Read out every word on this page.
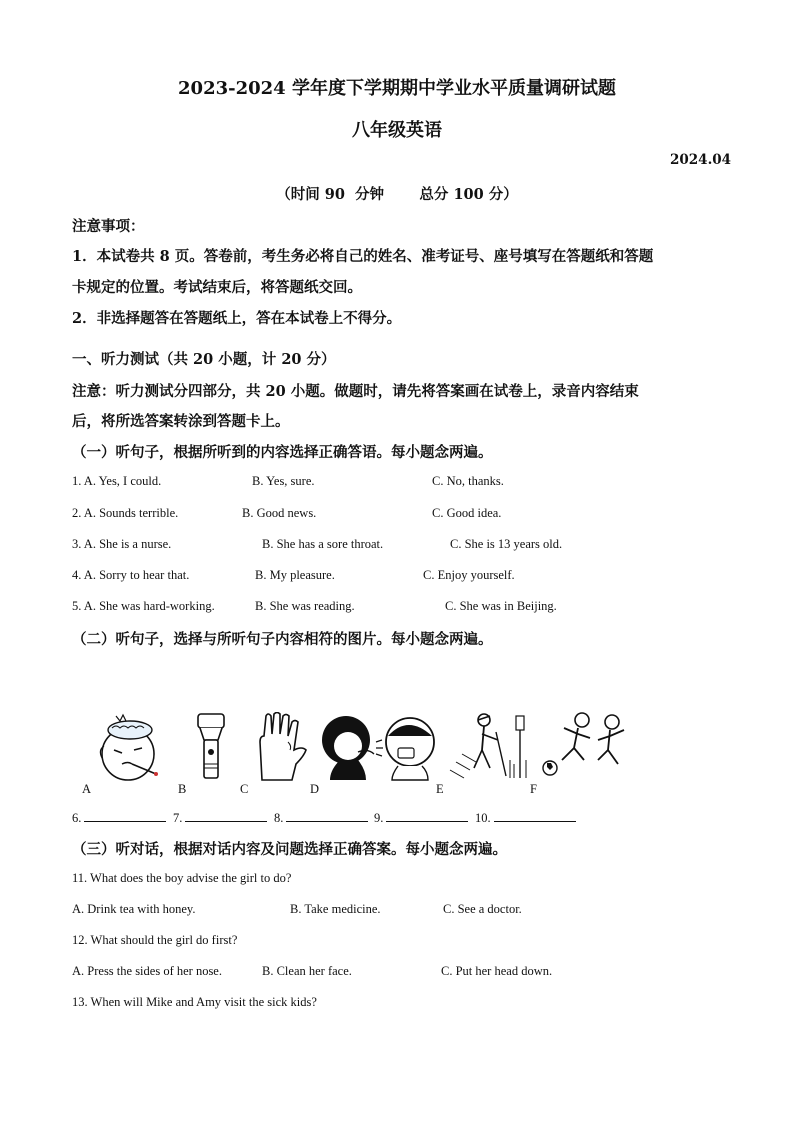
2023-2024 学年度下学期期中学业水平质量调研试题
八年级英语
2024.04
（时间 90  分钟       总分 100 分）
注意事项：
1．本试卷共 8 页。答卷前，考生务必将自己的姓名、准考证号、座号填写在答题纸和答题
卡规定的位置。考试结束后，将答题纸交回。
2．非选择题答在答题纸上，答在本试卷上不得分。
一、听力测试（共 20 小题，计 20 分）
注意：听力测试分四部分，共 20 小题。做题时，请先将答案画在试卷上，录音内容结束
后，将所选答案转涂到答题卡上。
（一）听句子，根据所听到的内容选择正确答语。每小题念两遍。
1. A. Yes, I could.	B. Yes, sure.	C. No, thanks.
2. A. Sounds terrible.	B. Good news.	C. Good idea.
3. A. She is a nurse.	B. She has a sore throat.	C. She is 13 years old.
4. A. Sorry to hear that.	B. My pleasure.	C. Enjoy yourself.
5. A. She was hard-working.	B. She was reading.	C. She was in Beijing.
（二）听句子，选择与所听句子内容相符的图片。每小题念两遍。
A	B	C	D	E	F
6.	7.	8.	9.	10.
（三）听对话，根据对话内容及问题选择正确答案。每小题念两遍。
11. What does the boy advise the girl to do?
A. Drink tea with honey.	B. Take medicine.	C. See a doctor.
12. What should the girl do first?
A. Press the sides of her nose.	B. Clean her face.	C. Put her head down.
13. When will Mike and Amy visit the sick kids?
